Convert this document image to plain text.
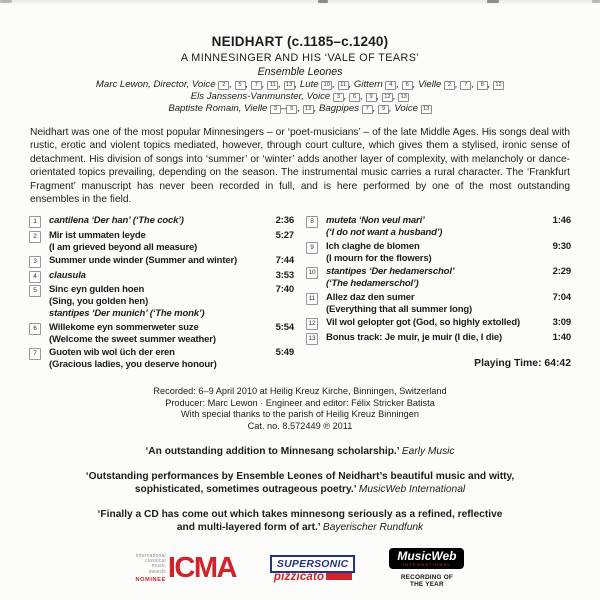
NEIDHART (c.1185–c.1240)
A MINNESINGER AND HIS ‘VALE OF TEARS’
Ensemble Leones
Marc Lewon, Director, Voice 2 , 5 , 7 , 11 , 13 , Lute 10 , 11 , Gittern 4 , 6 , Vielle 2 , 7 , 8 , 12
Els Janssens-Vanmunster, Voice 3 , 6 , 9 , 12 , 13
Baptiste Romain, Vielle 3 – 5 , 13 , Bagpipes 7 , 9 , Voice 13

Neidhart was one of the most popular Minnesingers – or ‘poet-musicians’ – of the late Middle Ages. His songs deal with rustic, erotic and violent topics mediated, however, through court culture, which gives them a stylised, ironic sense of detachment. His division of songs into ‘summer’ or ‘winter’ adds another layer of complexity, with melancholy or dance-orientated topics prevailing, depending on the season. The instrumental music carries a rural character. The ‘Frankfurt Fragment’ manuscript has never been recorded in full, and is here performed by one of the most outstanding ensembles in the field.

1	cantilena ‘Der han’ (‘The cock’)	2:36
2	Mir ist ummaten leyde
(I am grieved beyond all measure)
5:27
3	Summer unde winder (Summer and winter)	7:44
4	clausula	3:53
5	Sinc eyn gulden hoen
(Sing, you golden hen)
stantipes ‘Der munich’ (‘The monk’)
7:40
6	Willekome eyn sommerweter suze
(Welcome the sweet summer weather)
5:54
7	Guoten wib wol üch der eren
(Gracious ladies, you deserve honour)
5:49
8	muteta ‘Non veul mari’
(‘I do not want a husband’)
1:46
9	Ich claghe de blomen
(I mourn for the flowers)
9:30
10 stantipes ‘Der hedamerschol’
(‘The hedamerschol’)
2:29
11 Allez daz den sumer
(Everything that all summer long)
7:04
12 Vil wol gelopter got (God, so highly extolled)	3:09
13 Bonus track: Je muir, je muir (I die, I die)	1:40
Playing Time: 64:42
Recorded: 6–9 April 2010 at Heilig Kreuz Kirche, Binningen, Switzerland
Producer: Marc Lewon · Engineer and editor: Félix Stricker Batista
With special thanks to the parish of Heilig Kreuz Binningen
Cat. no. 8.572449 ℗ 2011

‘An outstanding addition to Minnesang scholarship.’ Early Music

‘Outstanding performances by Ensemble Leones of Neidhart’s beautiful music and witty, sophisticated, sometimes outrageous poetry.’ MusicWeb International

‘Finally a CD has come out which takes minnesong seriously as a refined, reflective and multi-layered form of art.’ Bayerischer Rundfunk

international
classical
music
awards
NOMINEE ICMA	SUPERSONIC
pizzicato
MusicWeb
INTERNATIONAL
RECORDING OF THE YEAR
